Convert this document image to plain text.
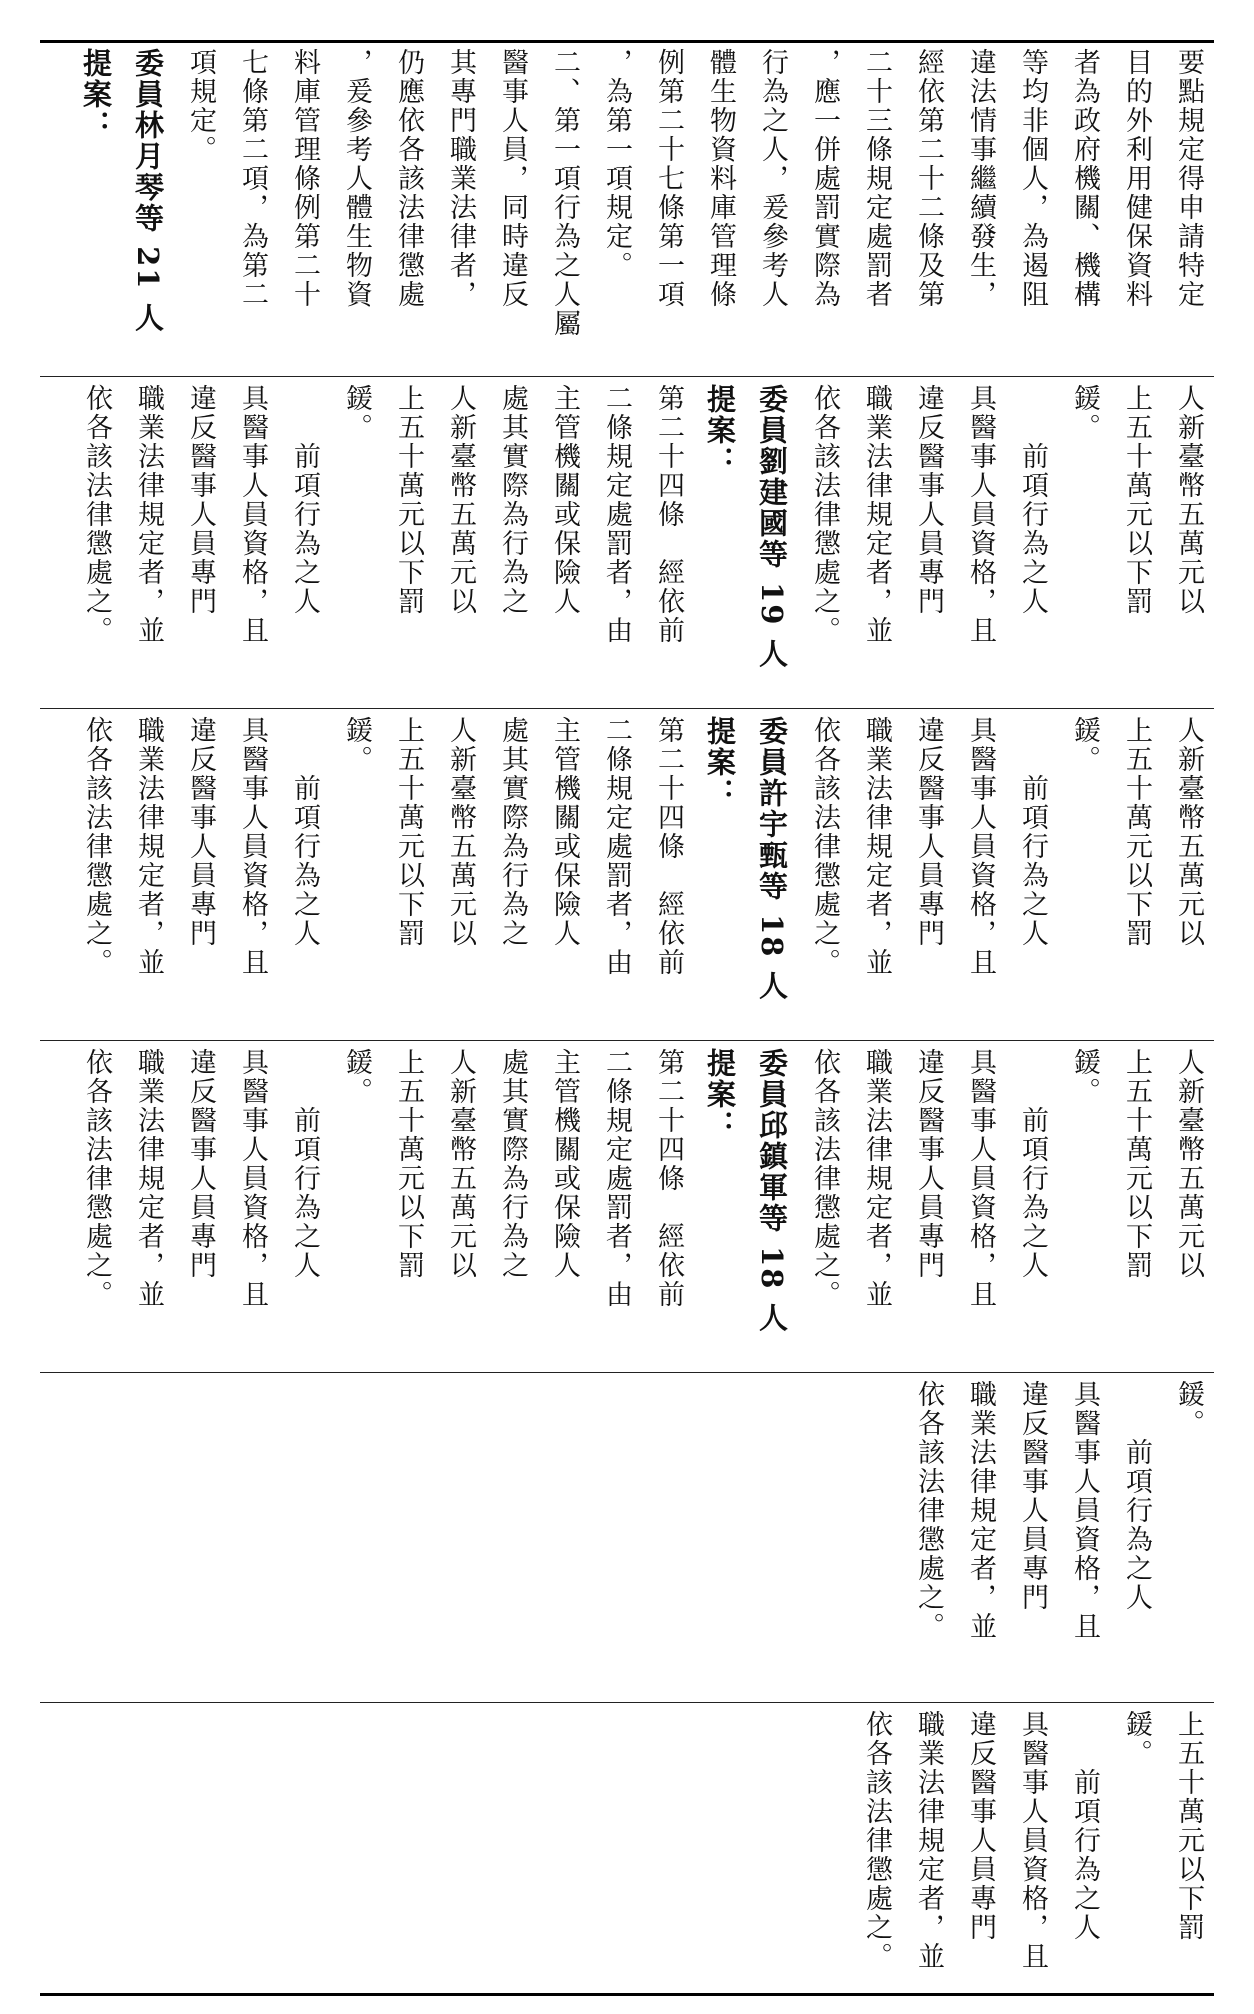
要點規定得申請特定

目的外利用健保資料

者為政府機關、機構

等均非個人，為遏阻

違法情事繼續發生，

經依第二十二條及第

二十三條規定處罰者

，應一併處罰實際為

行為之人，爰參考人

體生物資料庫管理條

例第二十七條第一項

，為第一項規定。

二、第一項行為之人屬

醫事人員，同時違反

其專門職業法律者，

仍應依各該法律懲處

，爰參考人體生物資

料庫管理條例第二十

七條第二項，為第二

項規定。

委員林月琴等 21 人

提案：

人新臺幣五萬元以

上五十萬元以下罰

鍰。

　　前項行為之人

具醫事人員資格，且

違反醫事人員專門

職業法律規定者，並

依各該法律懲處之。

委員劉建國等 19 人

提案：

第二十四條　經依前

二條規定處罰者，由

主管機關或保險人

處其實際為行為之

人新臺幣五萬元以

上五十萬元以下罰

鍰。

　　前項行為之人

具醫事人員資格，且

違反醫事人員專門

職業法律規定者，並

依各該法律懲處之。

人新臺幣五萬元以

上五十萬元以下罰

鍰。

　　前項行為之人

具醫事人員資格，且

違反醫事人員專門

職業法律規定者，並

依各該法律懲處之。

委員許宇甄等 18 人

提案：

第二十四條　經依前

二條規定處罰者，由

主管機關或保險人

處其實際為行為之

人新臺幣五萬元以

上五十萬元以下罰

鍰。

　　前項行為之人

具醫事人員資格，且

違反醫事人員專門

職業法律規定者，並

依各該法律懲處之。

人新臺幣五萬元以

上五十萬元以下罰

鍰。

　　前項行為之人

具醫事人員資格，且

違反醫事人員專門

職業法律規定者，並

依各該法律懲處之。

委員邱鎮軍等 18 人

提案：

第二十四條　經依前

二條規定處罰者，由

主管機關或保險人

處其實際為行為之

人新臺幣五萬元以

上五十萬元以下罰

鍰。

　　前項行為之人

具醫事人員資格，且

違反醫事人員專門

職業法律規定者，並

依各該法律懲處之。

鍰。

　　前項行為之人

具醫事人員資格，且

違反醫事人員專門

職業法律規定者，並

依各該法律懲處之。

上五十萬元以下罰

鍰。

　　前項行為之人

具醫事人員資格，且

違反醫事人員專門

職業法律規定者，並

依各該法律懲處之。
